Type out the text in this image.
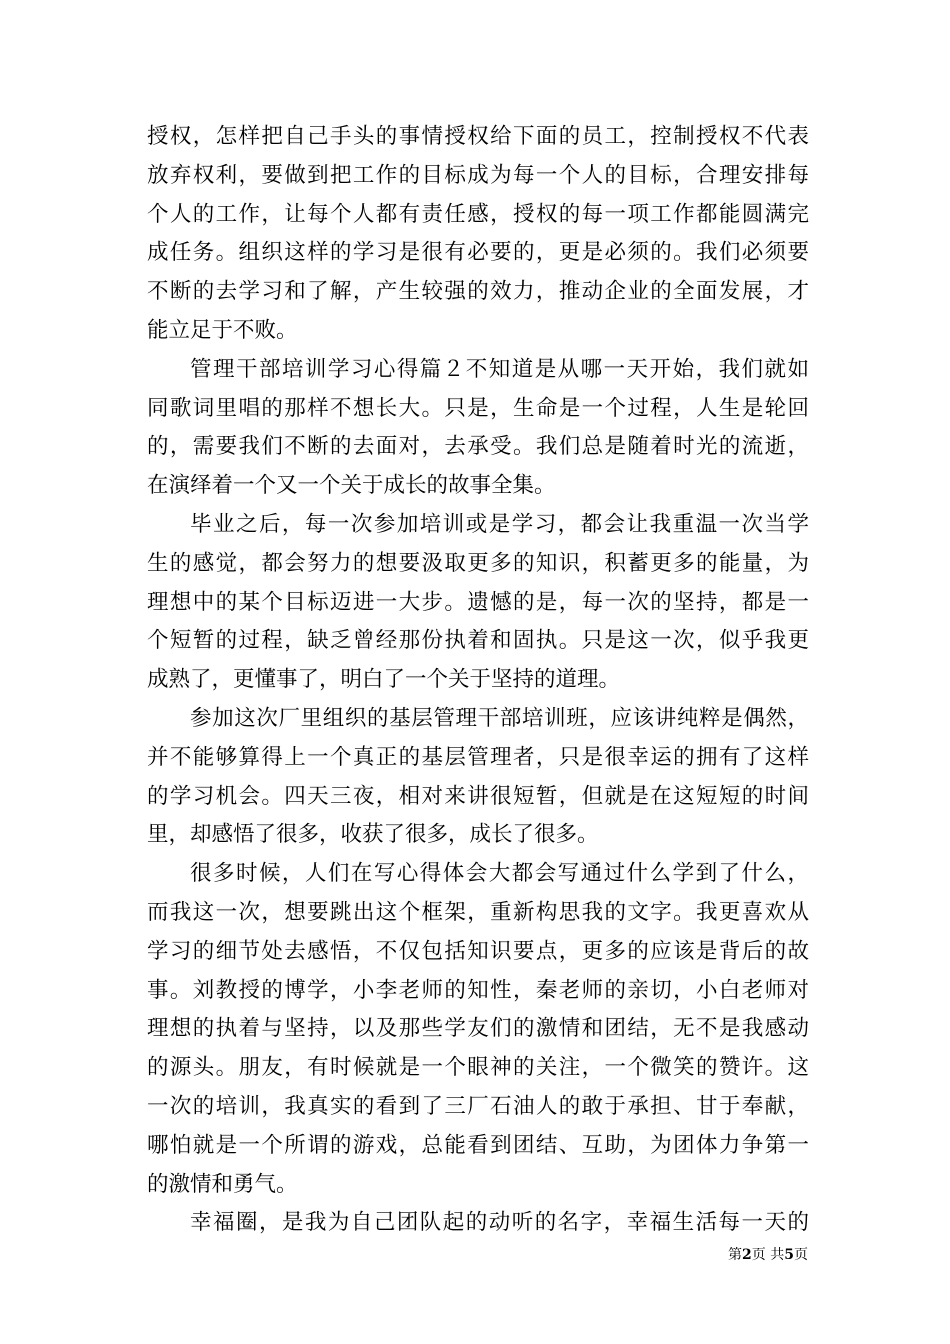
授权，怎样把自己手头的事情授权给下面的员工，控制授权不代表
放弃权利，要做到把工作的目标成为每一个人的目标，合理安排每
个人的工作，让每个人都有责任感，授权的每一项工作都能圆满完
成任务。组织这样的学习是很有必要的，更是必须的。我们必须要
不断的去学习和了解，产生较强的效力，推动企业的全面发展，才
能立足于不败。
管理干部培训学习心得篇２不知道是从哪一天开始，我们就如
同歌词里唱的那样不想长大。只是，生命是一个过程，人生是轮回
的，需要我们不断的去面对，去承受。我们总是随着时光的流逝，
在演绎着一个又一个关于成长的故事全集。
毕业之后，每一次参加培训或是学习，都会让我重温一次当学
生的感觉，都会努力的想要汲取更多的知识，积蓄更多的能量，为
理想中的某个目标迈进一大步。遗憾的是，每一次的坚持，都是一
个短暂的过程，缺乏曾经那份执着和固执。只是这一次，似乎我更
成熟了，更懂事了，明白了一个关于坚持的道理。
参加这次厂里组织的基层管理干部培训班，应该讲纯粹是偶然，
并不能够算得上一个真正的基层管理者，只是很幸运的拥有了这样
的学习机会。四天三夜，相对来讲很短暂，但就是在这短短的时间
里，却感悟了很多，收获了很多，成长了很多。
很多时候，人们在写心得体会大都会写通过什么学到了什么，
而我这一次，想要跳出这个框架，重新构思我的文字。我更喜欢从
学习的细节处去感悟，不仅包括知识要点，更多的应该是背后的故
事。刘教授的博学，小李老师的知性，秦老师的亲切，小白老师对
理想的执着与坚持，以及那些学友们的激情和团结，无不是我感动
的源头。朋友，有时候就是一个眼神的关注，一个微笑的赞许。这
一次的培训，我真实的看到了三厂石油人的敢于承担、甘于奉献，
哪怕就是一个所谓的游戏，总能看到团结、互助，为团体力争第一
的激情和勇气。
幸福圈，是我为自己团队起的动听的名字，幸福生活每一天的
第2页 共5页
